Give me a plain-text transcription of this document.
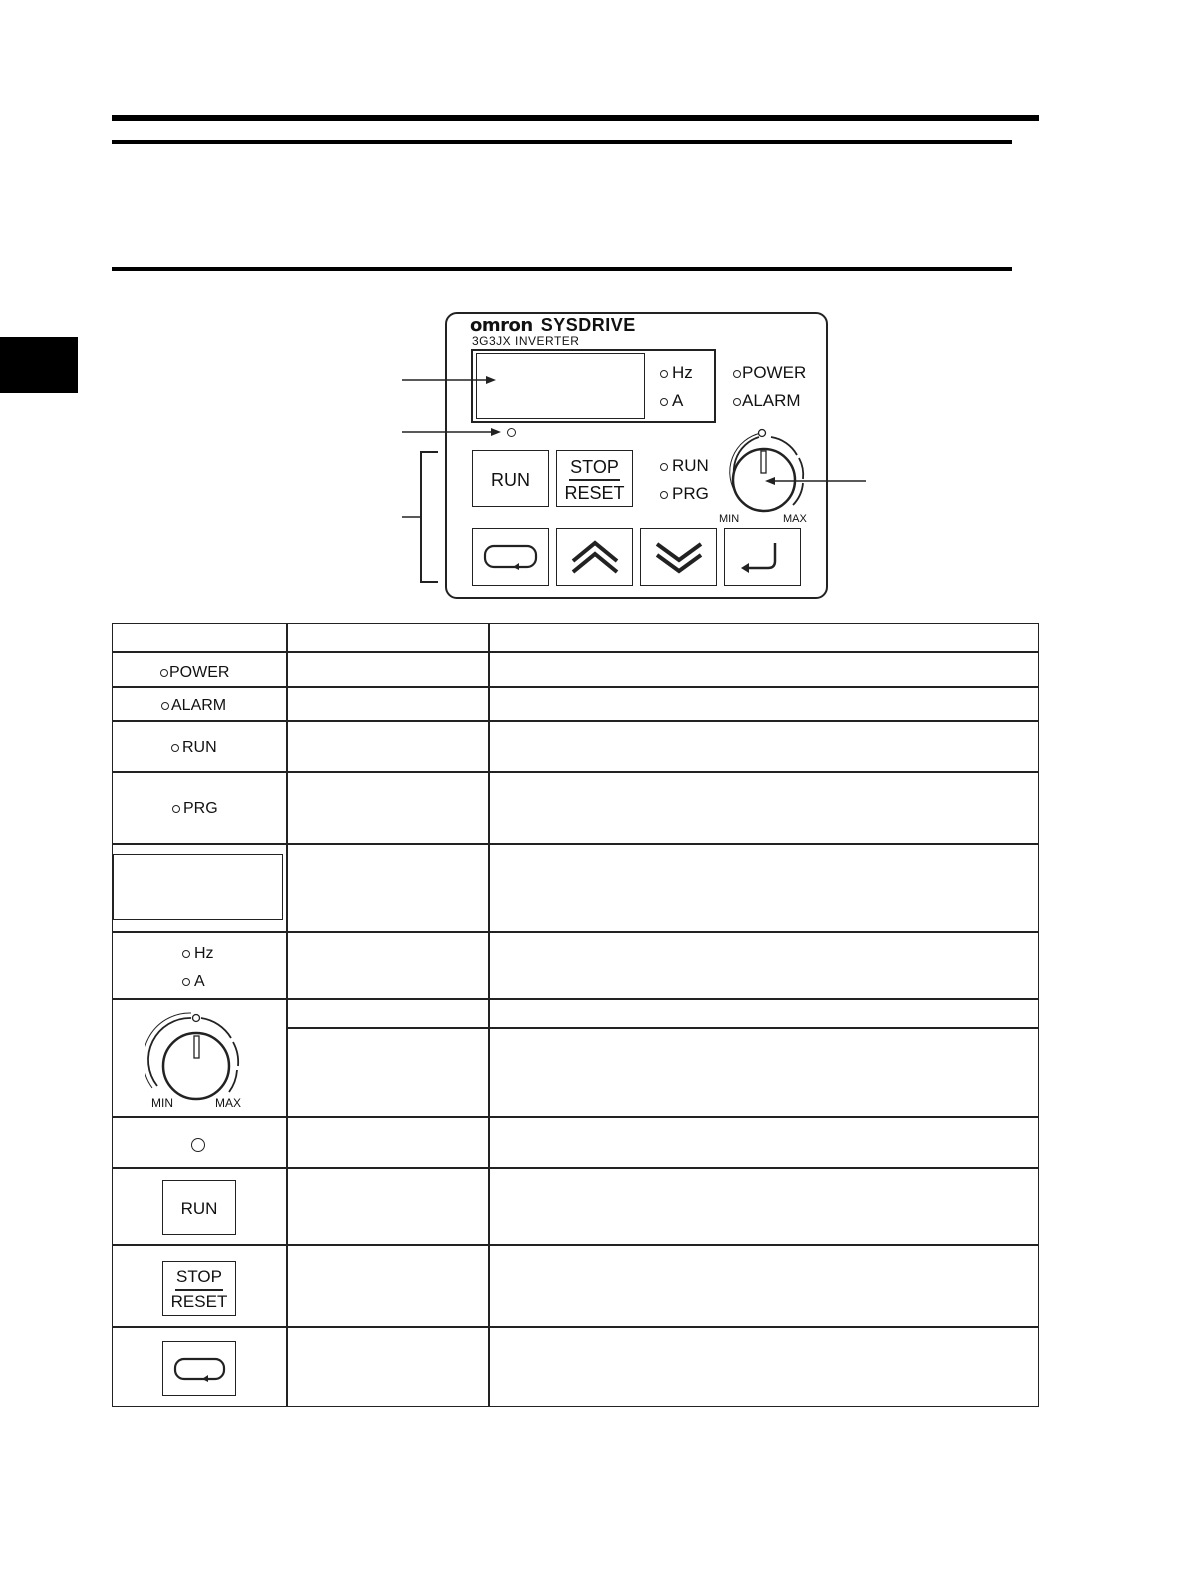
omron SYSDRIVE
3G3JX INVERTER
Hz
A
POWER
ALARM
RUN
PRG
RUN
STOP
RESET
MIN	MAX
POWER
ALARM
RUN
PRG
Hz
A
MIN	MAX
RUN
STOP
RESET
